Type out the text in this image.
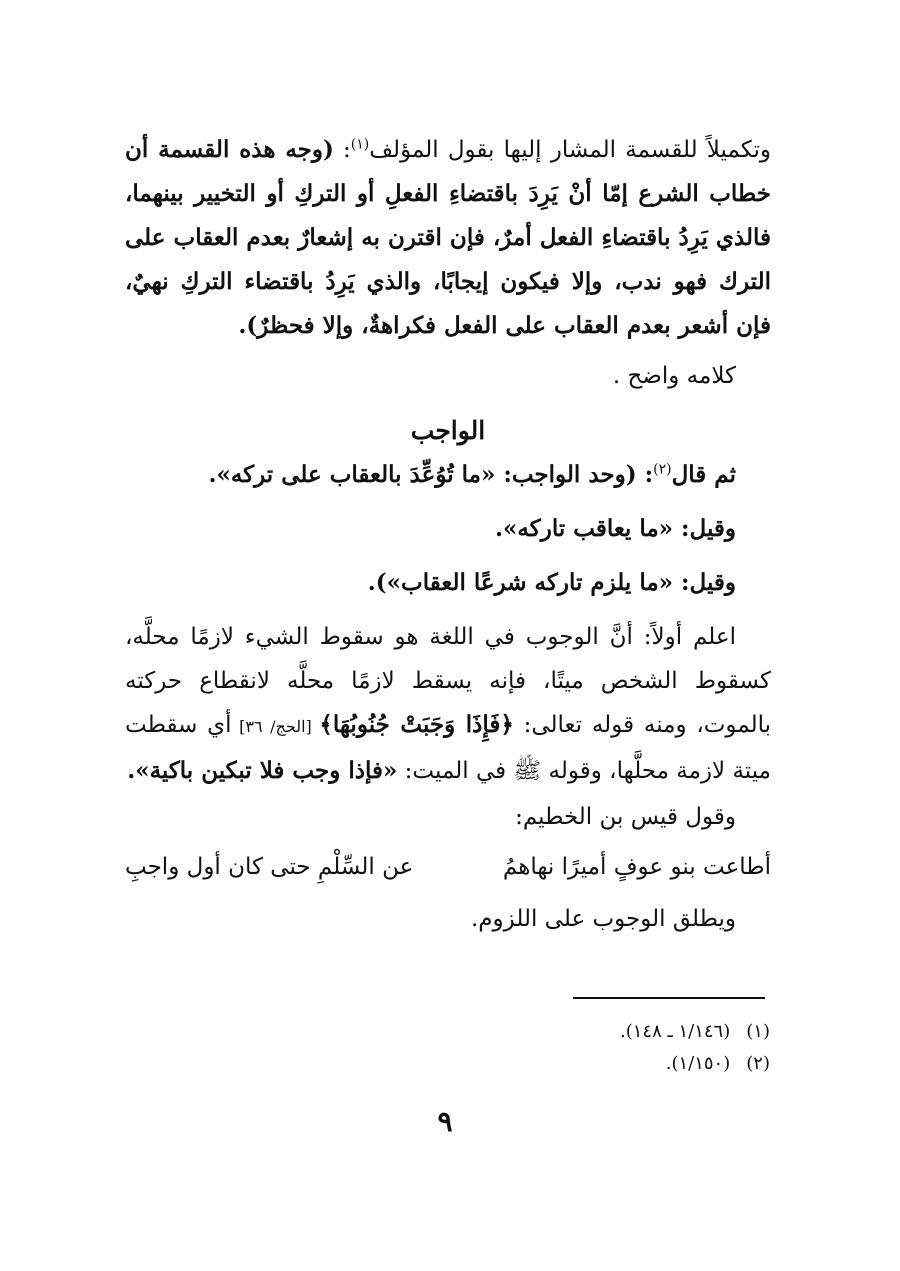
وتكميلاً للقسمة المشار إليها بقول المؤلف$^{(١)}$: (وجه هذه القسمة أن خطاب الشرع إمّا أنْ يَرِدَ باقتضاءِ الفعلِ أو التركِ أو التخيير بينهما، فالذي يَرِدُ باقتضاءِ الفعل أمرٌ، فإن اقترن به إشعارٌ بعدم العقاب على الترك فهو ندب، وإلا فيكون إيجابًا، والذي يَرِدُ باقتضاء التركِ نهيٌ، فإن أشعر بعدم العقاب على الفعل فكراهةٌ، وإلا فحظرٌ).

كلامه واضح .

الواجب

ثم قال$^{(٢)}$: (وحد الواجب: «ما تُوُعِّدَ بالعقاب على تركه».

وقيل: «ما يعاقب تاركه».

وقيل: «ما يلزم تاركه شرعًا العقاب»).

اعلم أولاً: أنَّ الوجوب في اللغة هو سقوط الشيء لازمًا محلَّه، كسقوط الشخص ميتًا، فإنه يسقط لازمًا محلَّه لانقطاع حركته بالموت، ومنه قوله تعالى: ﴿فَإِذَا وَجَبَتْ جُنُوبُهَا﴾ [الحج/ ٣٦] أي سقطت ميتة لازمة محلَّها، وقوله ﷺ في الميت: «فإذا وجب فلا تبكين باكية».

وقول قيس بن الخطيم:

أطاعت بنو عوفٍ أميرًا نهاهمُ
عن السِّلْمِ حتى كان أول واجبِ

ويطلق الوجوب على اللزوم.

(١)
(١/١٤٦ ـ ١٤٨).
(٢)
(١/١٥٠).
٩
